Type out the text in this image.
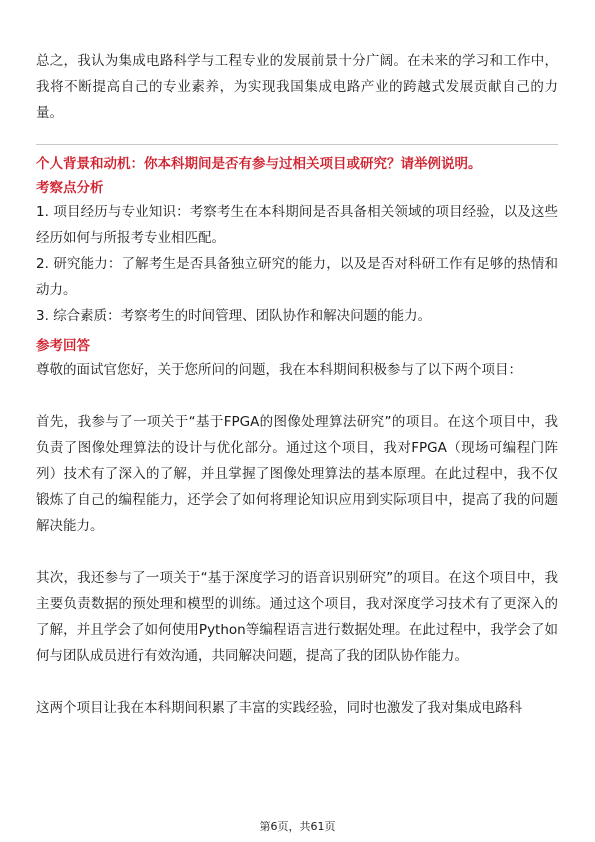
总之，我认为集成电路科学与工程专业的发展前景十分广阔。在未来的学习和工作中，我将不断提高自己的专业素养，为实现我国集成电路产业的跨越式发展贡献自己的力量。

个人背景和动机：你本科期间是否有参与过相关项目或研究？请举例说明。

考察点分析

1. 项目经历与专业知识：考察考生在本科期间是否具备相关领域的项目经验，以及这些经历如何与所报考专业相匹配。

2. 研究能力：了解考生是否具备独立研究的能力，以及是否对科研工作有足够的热情和动力。

3. 综合素质：考察考生的时间管理、团队协作和解决问题的能力。

参考回答

尊敬的面试官您好，关于您所问的问题，我在本科期间积极参与了以下两个项目：

首先，我参与了一项关于“基于FPGA的图像处理算法研究”的项目。在这个项目中，我负责了图像处理算法的设计与优化部分。通过这个项目，我对FPGA（现场可编程门阵列）技术有了深入的了解，并且掌握了图像处理算法的基本原理。在此过程中，我不仅锻炼了自己的编程能力，还学会了如何将理论知识应用到实际项目中，提高了我的问题解决能力。

其次，我还参与了一项关于“基于深度学习的语音识别研究”的项目。在这个项目中，我主要负责数据的预处理和模型的训练。通过这个项目，我对深度学习技术有了更深入的了解，并且学会了如何使用Python等编程语言进行数据处理。在此过程中，我学会了如何与团队成员进行有效沟通，共同解决问题，提高了我的团队协作能力。

这两个项目让我在本科期间积累了丰富的实践经验，同时也激发了我对集成电路科

第6页，共61页
